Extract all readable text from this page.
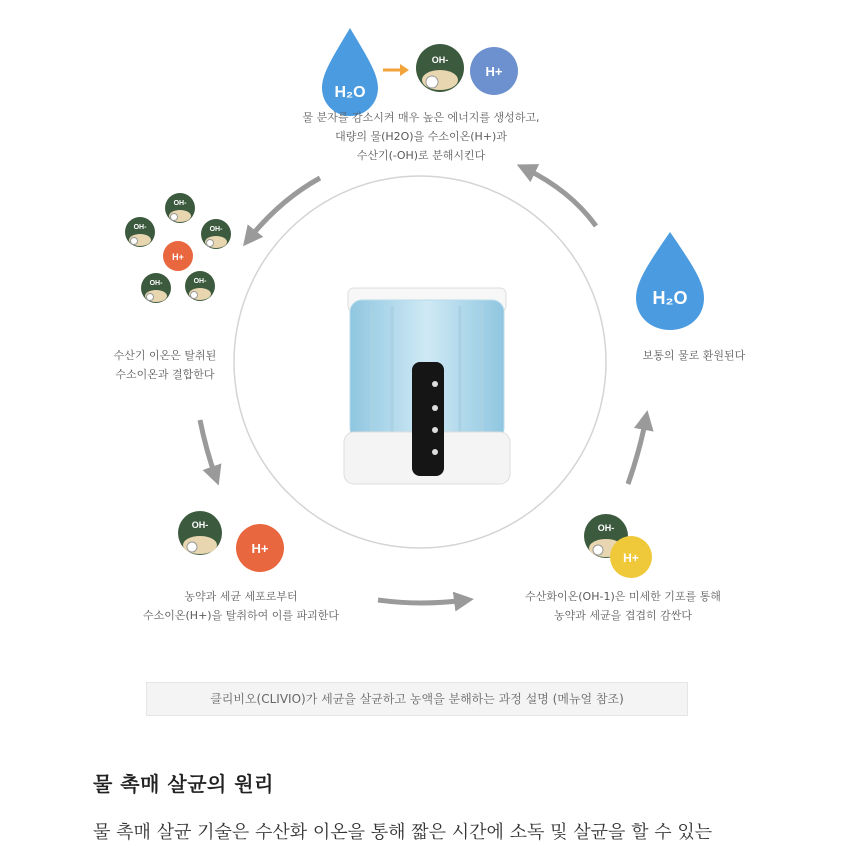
H₂O
OH-
H+
OH-
OH-
OH-
OH-	OH-
H+
H₂O
OH-
H+
OH-
H+
물 분자를 감소시켜 매우 높은 에너지를 생성하고,
대량의 물(H2O)을 수소이온(H+)과
수산기(-OH)로 분해시킨다
수산기 이온은 탈취된
수소이온과 결합한다
보통의 물로 환원된다
농약과 세균 세포로부터
수소이온(H+)을 탈취하여 이를 파괴한다
수산화이온(OH-1)은 미세한 기포를 통해
농약과 세균을 겹겹히 감싼다
클리비오(CLIVIO)가 세균을 살균하고 농액을 분해하는 과정 설명 (메뉴얼 참조)
물 촉매 살균의 원리
물 촉매 살균 기술은 수산화 이온을 통해 짧은 시간에 소독 및 살균을 할 수 있는
